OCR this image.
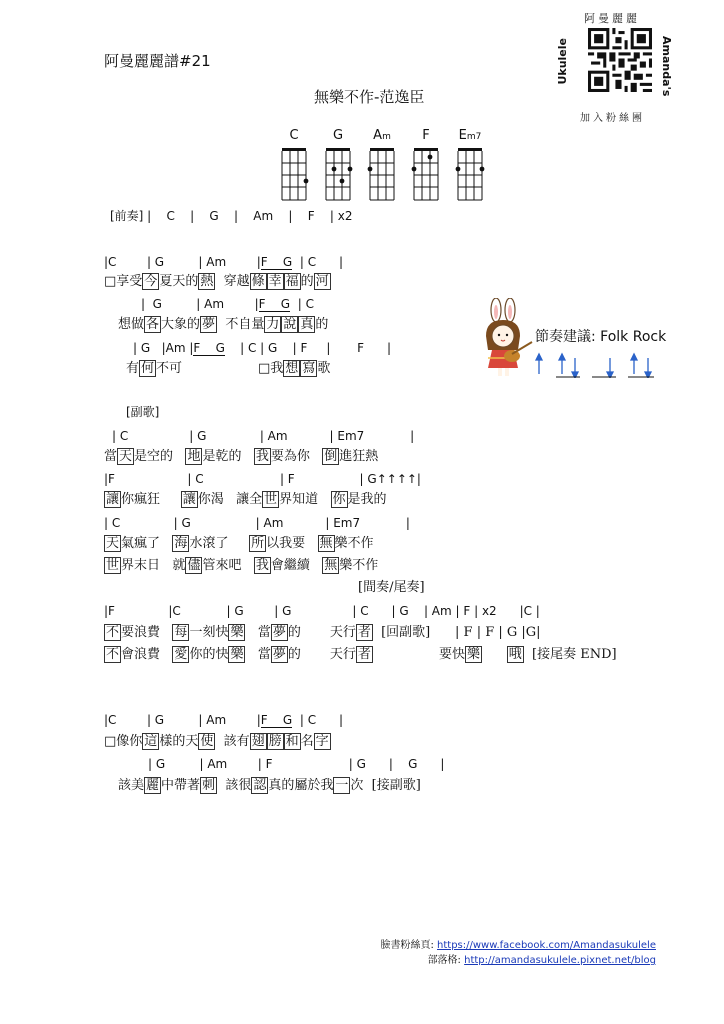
阿曼麗麗譜#21
無樂不作-范逸臣
阿曼麗麗
Ukulele	Amanda's
加入粉絲團
C	G	Am	F	Em7
[前奏] |    C    |    G    |    Am    |    F    | x2
|C        | G         | Am        |F    G  | C      |
□享受 今 夏天的 熱  穿越 條 幸 福 的 河
|  G         | Am        |F    G  | C
想做 各 大象的 夢  不自量 力 說 真 的
| G   |Am |F    G    | C | G    | F     |       F      |
有 何 不可	□我 想 寫 歌
節奏建議: Folk Rock
[副歌]
| C                | G              | Am           | Em7            |
當 天 是空的   地 是乾的   我 要為你   倒 進狂熱
|F                   | C                    | F                 | G↑↑↑↑|
讓 你瘋狂     讓 你渴   讓全 世 界知道   你 是我的
| C              | G                 | Am           | Em7            |
天 氣瘋了   海 水滾了     所 以我要   無 樂不作
世 界末日   就 儘 管來吧   我 會繼續   無 樂不作
[間奏/尾奏]
|F              |C            | G        | G                | C      | G    | Am | F | x2      |C |
不 要浪費   每 一刻快 樂   當 夢 的       天行 者  [回副歌]      | F | F | G |G|
不 會浪費   愛 你的快 樂   當 夢 的       天行 者                要快 樂 哦  [接尾奏 END]
|C        | G         | Am        |F    G  | C      |
□像你 這 樣的天 使  該有 翅 膀 和 名 字
| G         | Am        | F                    | G      |    G      |
該美 麗 中帶著 刺  該很 認 真的屬於我 一 次  [接副歌]
臉書粉絲頁: https://www.facebook.com/Amandasukulele
部落格: http://amandasukulele.pixnet.net/blog
